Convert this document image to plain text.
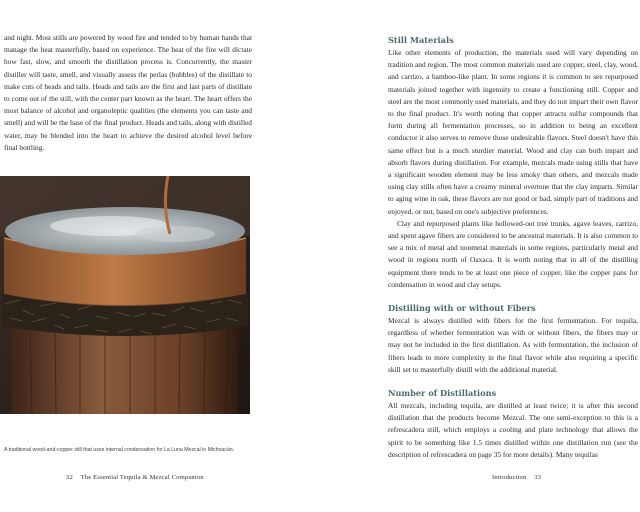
and night. Most stills are powered by wood fire and tended to by human hands that manage the heat masterfully, based on experience. The heat of the fire will dictate how fast, slow, and smooth the distillation process is. Concurrently, the master distiller will taste, smell, and visually assess the perlas (bubbles) of the distillate to make cuts of heads and tails. Heads and tails are the first and last parts of distillate to come out of the still, with the center part known as the heart. The heart offers the most balance of alcohol and organoleptic qualities (the elements you can taste and smell) and will be the base of the final product. Heads and tails, along with distilled water, may be blended into the heart to achieve the desired alcohol level before final bottling.

A traditional wood-and-copper still that uses internal condensation for La Luna Mezcal in Michoacán.
32 The Essential Tequila & Mezcal Companion
Still Materials

Like other elements of production, the materials used will vary depending on tradition and region. The most common materials used are copper, steel, clay, wood, and carrizo, a bamboo-like plant. In some regions it is common to see repurposed materials joined together with ingenuity to create a functioning still. Copper and steel are the most commonly used materials, and they do not impart their own flavor to the final product. It's worth noting that copper attracts sulfur compounds that form during all fermentation processes, so in addition to being an excellent conductor it also serves to remove those undesirable flavors. Steel doesn't have this same effect but is a much sturdier material. Wood and clay can both impart and absorb flavors during distillation. For example, mezcals made using stills that have a significant wooden element may be less smoky than others, and mezcals made using clay stills often have a creamy mineral overtone that the clay imparts. Similar to aging wine in oak, these flavors are not good or bad, simply part of traditions and enjoyed, or not, based on one's subjective preferences.

Clay and repurposed plants like hollowed-out tree trunks, agave leaves, carrizo, and spent agave fibers are considered to be ancestral materials. It is also common to see a mix of metal and nonmetal materials in some regions, particularly metal and wood in regions north of Oaxaca. It is worth noting that in all of the distilling equipment there tends to be at least one piece of copper, like the copper pans for condensation in wood and clay setups.

Distilling with or without Fibers

Mezcal is always distilled with fibers for the first fermentation. For tequila, regardless of whether fermentation was with or without fibers, the fibers may or may not be included in the first distillation. As with fermentation, the inclusion of fibers leads to more complexity in the final flavor while also requiring a specific skill set to masterfully distill with the additional material.

Number of Distillations

All mezcals, including tequila, are distilled at least twice; it is after this second distillation that the products become Mezcal. The one semi-exception to this is a refrescadera still, which employs a cooling and plate technology that allows the spirit to be something like 1.5 times distilled within one distillation run (see the description of refrescadera on page 35 for more details). Many tequilas

Introduction 33
